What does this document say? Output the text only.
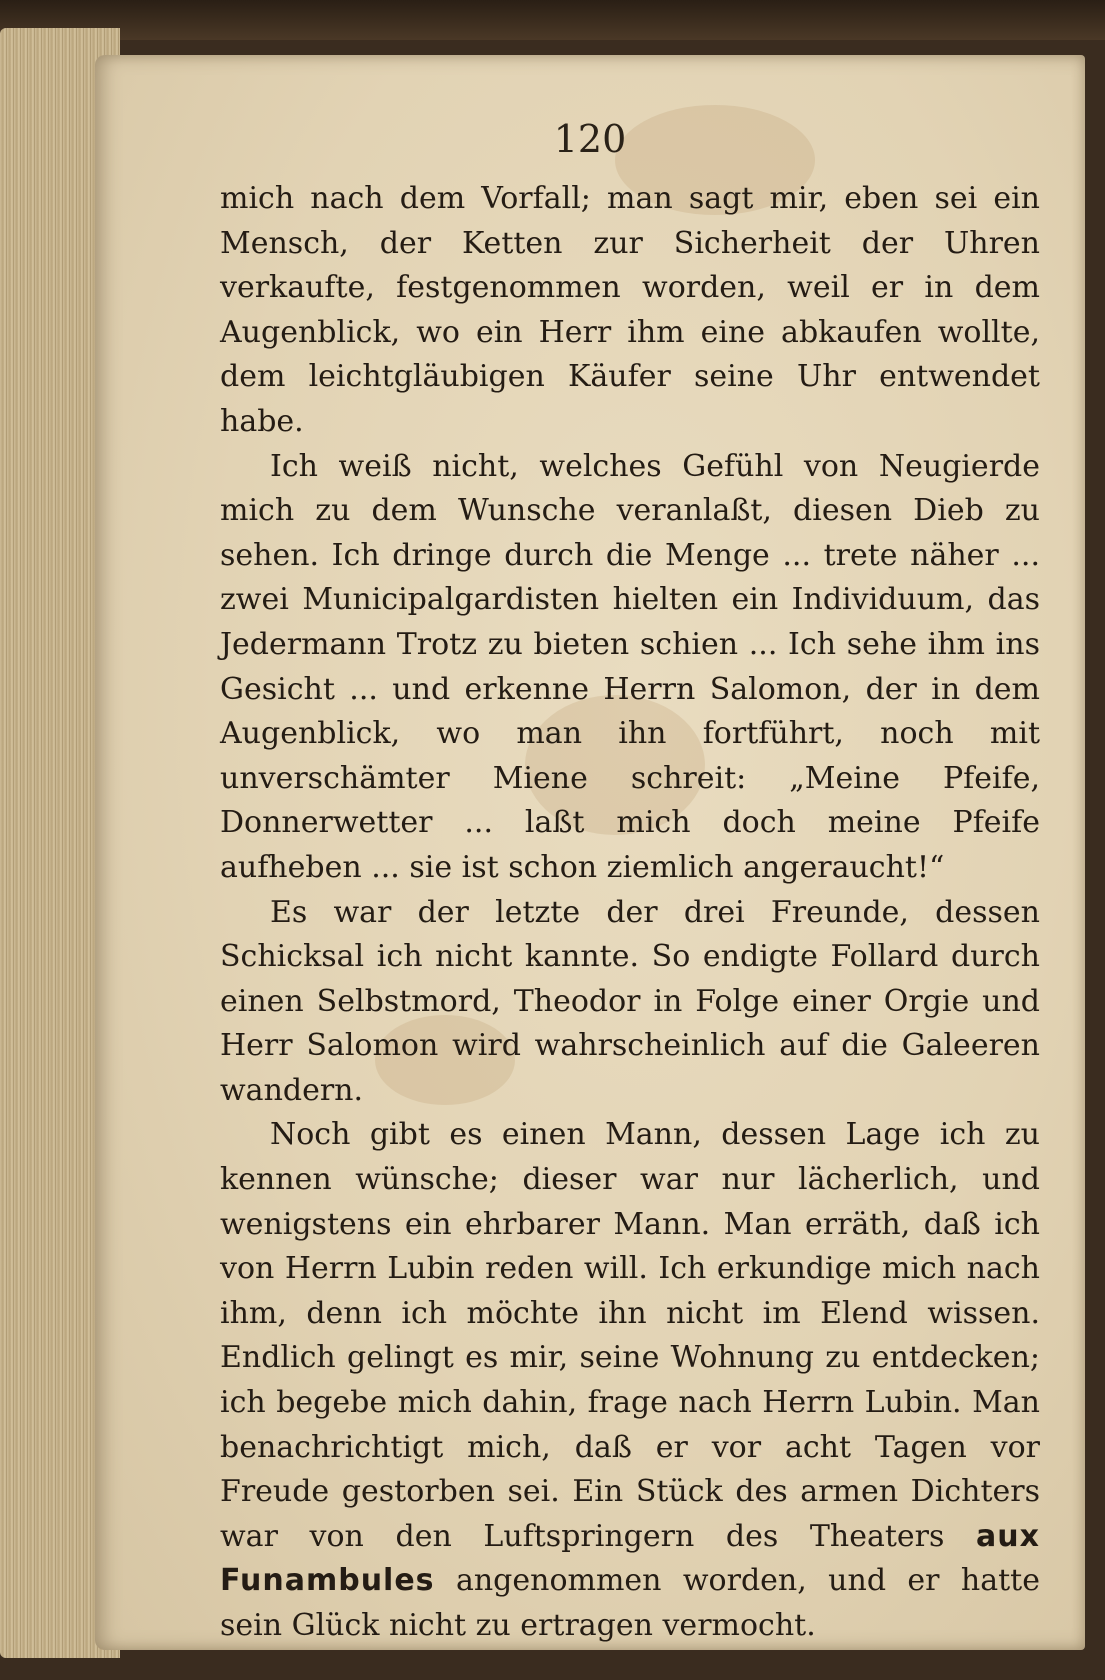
120

mich nach dem Vorfall; man sagt mir, eben sei ein Mensch, der Ketten zur Sicherheit der Uhren verkaufte, festgenommen worden, weil er in dem Augenblick, wo ein Herr ihm eine abkaufen wollte, dem leichtgläubigen Käufer seine Uhr entwendet habe.

Ich weiß nicht, welches Gefühl von Neugierde mich zu dem Wunsche veranlaßt, diesen Dieb zu sehen. Ich dringe durch die Menge ... trete näher ... zwei Municipalgardisten hielten ein Individuum, das Jedermann Trotz zu bieten schien ... Ich sehe ihm ins Gesicht ... und erkenne Herrn Salomon, der in dem Augenblick, wo man ihn fortführt, noch mit unverschämter Miene schreit: „Meine Pfeife, Donnerwetter ... laßt mich doch meine Pfeife aufheben ... sie ist schon ziemlich angeraucht!“

Es war der letzte der drei Freunde, dessen Schicksal ich nicht kannte. So endigte Follard durch einen Selbstmord, Theodor in Folge einer Orgie und Herr Salomon wird wahrscheinlich auf die Galeeren wandern.

Noch gibt es einen Mann, dessen Lage ich zu kennen wünsche; dieser war nur lächerlich, und wenigstens ein ehrbarer Mann. Man erräth, daß ich von Herrn Lubin reden will. Ich erkundige mich nach ihm, denn ich möchte ihn nicht im Elend wissen. Endlich gelingt es mir, seine Wohnung zu entdecken; ich begebe mich dahin, frage nach Herrn Lubin. Man benachrichtigt mich, daß er vor acht Tagen vor Freude gestorben sei. Ein Stück des armen Dichters war von den Luftspringern des Theaters aux Funambules angenommen worden, und er hatte sein Glück nicht zu ertragen vermocht.
